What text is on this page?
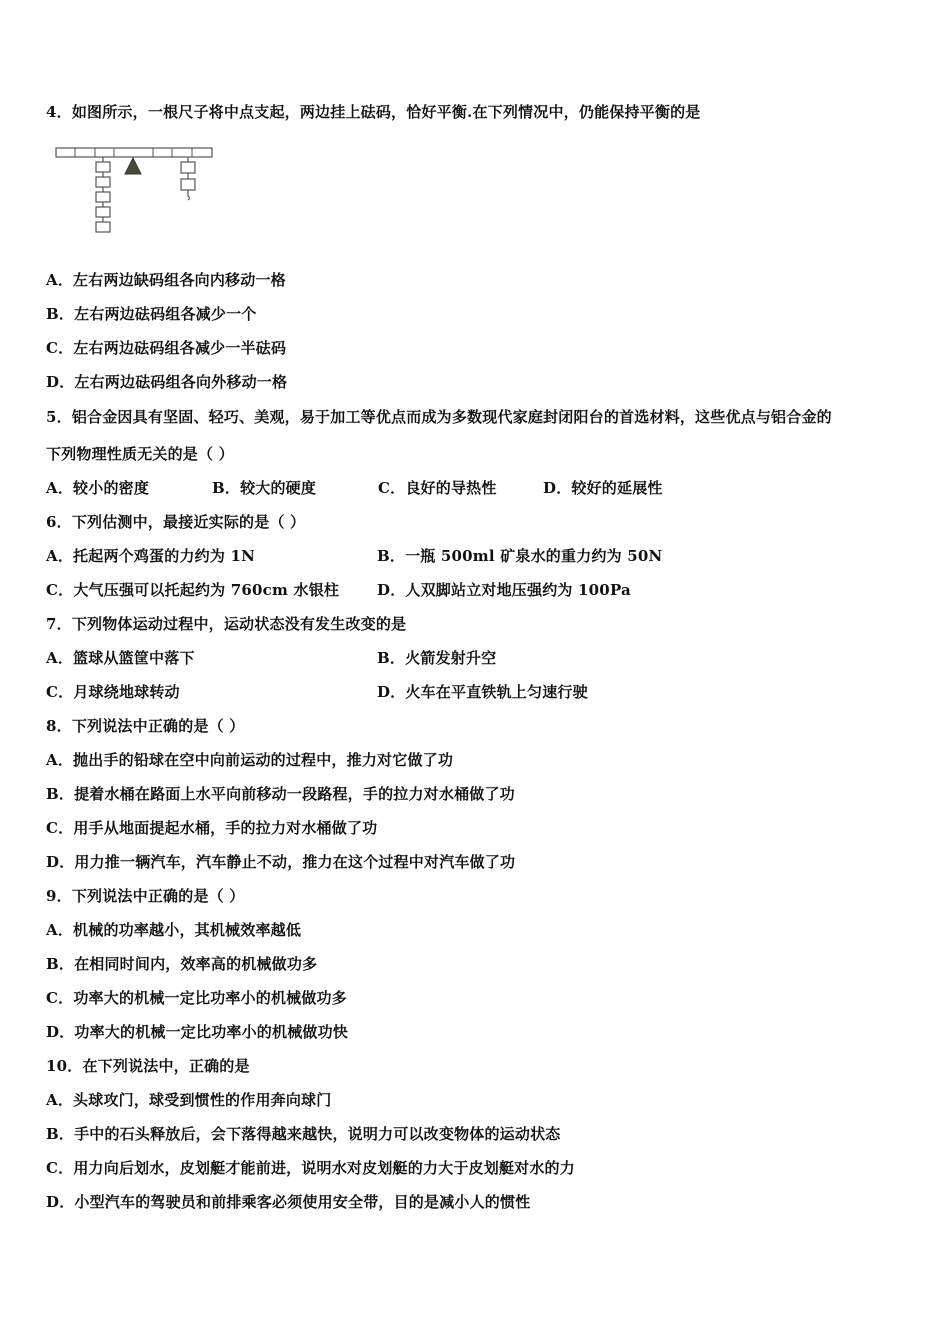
4．如图所示，一根尺子将中点支起，两边挂上砝码，恰好平衡.在下列情况中，仍能保持平衡的是
A．左右两边缺码组各向内移动一格
B．左右两边砝码组各减少一个
C．左右两边砝码组各减少一半砝码
D．左右两边砝码组各向外移动一格
5．铝合金因具有坚固、轻巧、美观，易于加工等优点而成为多数现代家庭封闭阳台的首选材料，这些优点与铝合金的
下列物理性质无关的是（ ）
A．较小的密度	B．较大的硬度	C．良好的导热性	D．较好的延展性
6．下列估测中，最接近实际的是（ ）
A．托起两个鸡蛋的力约为 1N	B．一瓶 500ml 矿泉水的重力约为 50N
C．大气压强可以托起约为 760cm 水银柱	D．人双脚站立对地压强约为 100Pa
7．下列物体运动过程中，运动状态没有发生改变的是
A．篮球从篮筐中落下	B．火箭发射升空
C．月球绕地球转动	D．火车在平直铁轨上匀速行驶
8．下列说法中正确的是（ ）
A．抛出手的铅球在空中向前运动的过程中，推力对它做了功
B．提着水桶在路面上水平向前移动一段路程，手的拉力对水桶做了功
C．用手从地面提起水桶，手的拉力对水桶做了功
D．用力推一辆汽车，汽车静止不动，推力在这个过程中对汽车做了功
9．下列说法中正确的是（ ）
A．机械的功率越小，其机械效率越低
B．在相同时间内，效率高的机械做功多
C．功率大的机械一定比功率小的机械做功多
D．功率大的机械一定比功率小的机械做功快
10．在下列说法中，正确的是
A．头球攻门，球受到惯性的作用奔向球门
B．手中的石头释放后，会下落得越来越快，说明力可以改变物体的运动状态
C．用力向后划水，皮划艇才能前进，说明水对皮划艇的力大于皮划艇对水的力
D．小型汽车的驾驶员和前排乘客必须使用安全带，目的是减小人的惯性
